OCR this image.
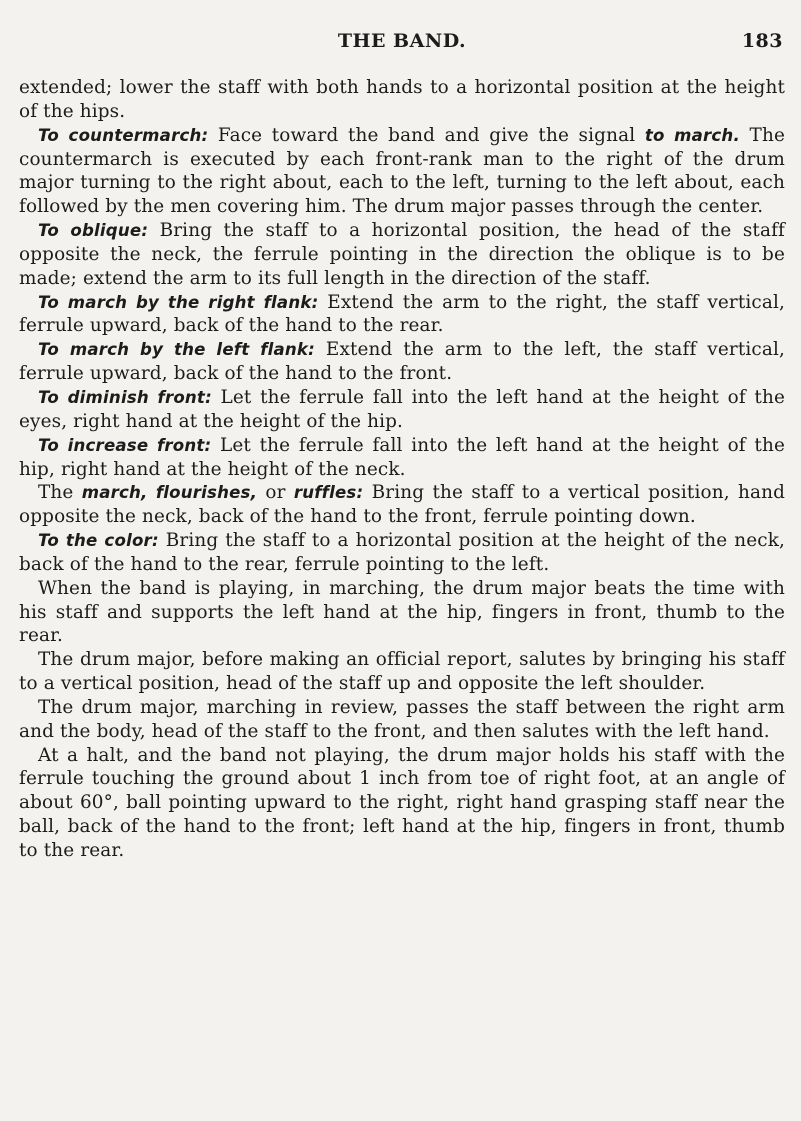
THE BAND.	183

extended; lower the staff with both hands to a horizontal position at the height of the hips.

To countermarch: Face toward the band and give the signal to march. The countermarch is executed by each front-rank man to the right of the drum major turning to the right about, each to the left, turning to the left about, each followed by the men covering him. The drum major passes through the center.

To oblique: Bring the staff to a horizontal position, the head of the staff opposite the neck, the ferrule pointing in the direction the oblique is to be made; extend the arm to its full length in the direction of the staff.

To march by the right flank: Extend the arm to the right, the staff vertical, ferrule upward, back of the hand to the rear.

To march by the left flank: Extend the arm to the left, the staff vertical, ferrule upward, back of the hand to the front.

To diminish front: Let the ferrule fall into the left hand at the height of the eyes, right hand at the height of the hip.

To increase front: Let the ferrule fall into the left hand at the height of the hip, right hand at the height of the neck.

The march, flourishes, or ruffles: Bring the staff to a vertical position, hand opposite the neck, back of the hand to the front, ferrule pointing down.

To the color: Bring the staff to a horizontal position at the height of the neck, back of the hand to the rear, ferrule pointing to the left.

When the band is playing, in marching, the drum major beats the time with his staff and supports the left hand at the hip, fingers in front, thumb to the rear.

The drum major, before making an official report, salutes by bringing his staff to a vertical position, head of the staff up and opposite the left shoulder.

The drum major, marching in review, passes the staff between the right arm and the body, head of the staff to the front, and then salutes with the left hand.

At a halt, and the band not playing, the drum major holds his staff with the ferrule touching the ground about 1 inch from toe of right foot, at an angle of about 60°, ball pointing upward to the right, right hand grasping staff near the ball, back of the hand to the front; left hand at the hip, fingers in front, thumb to the rear.
